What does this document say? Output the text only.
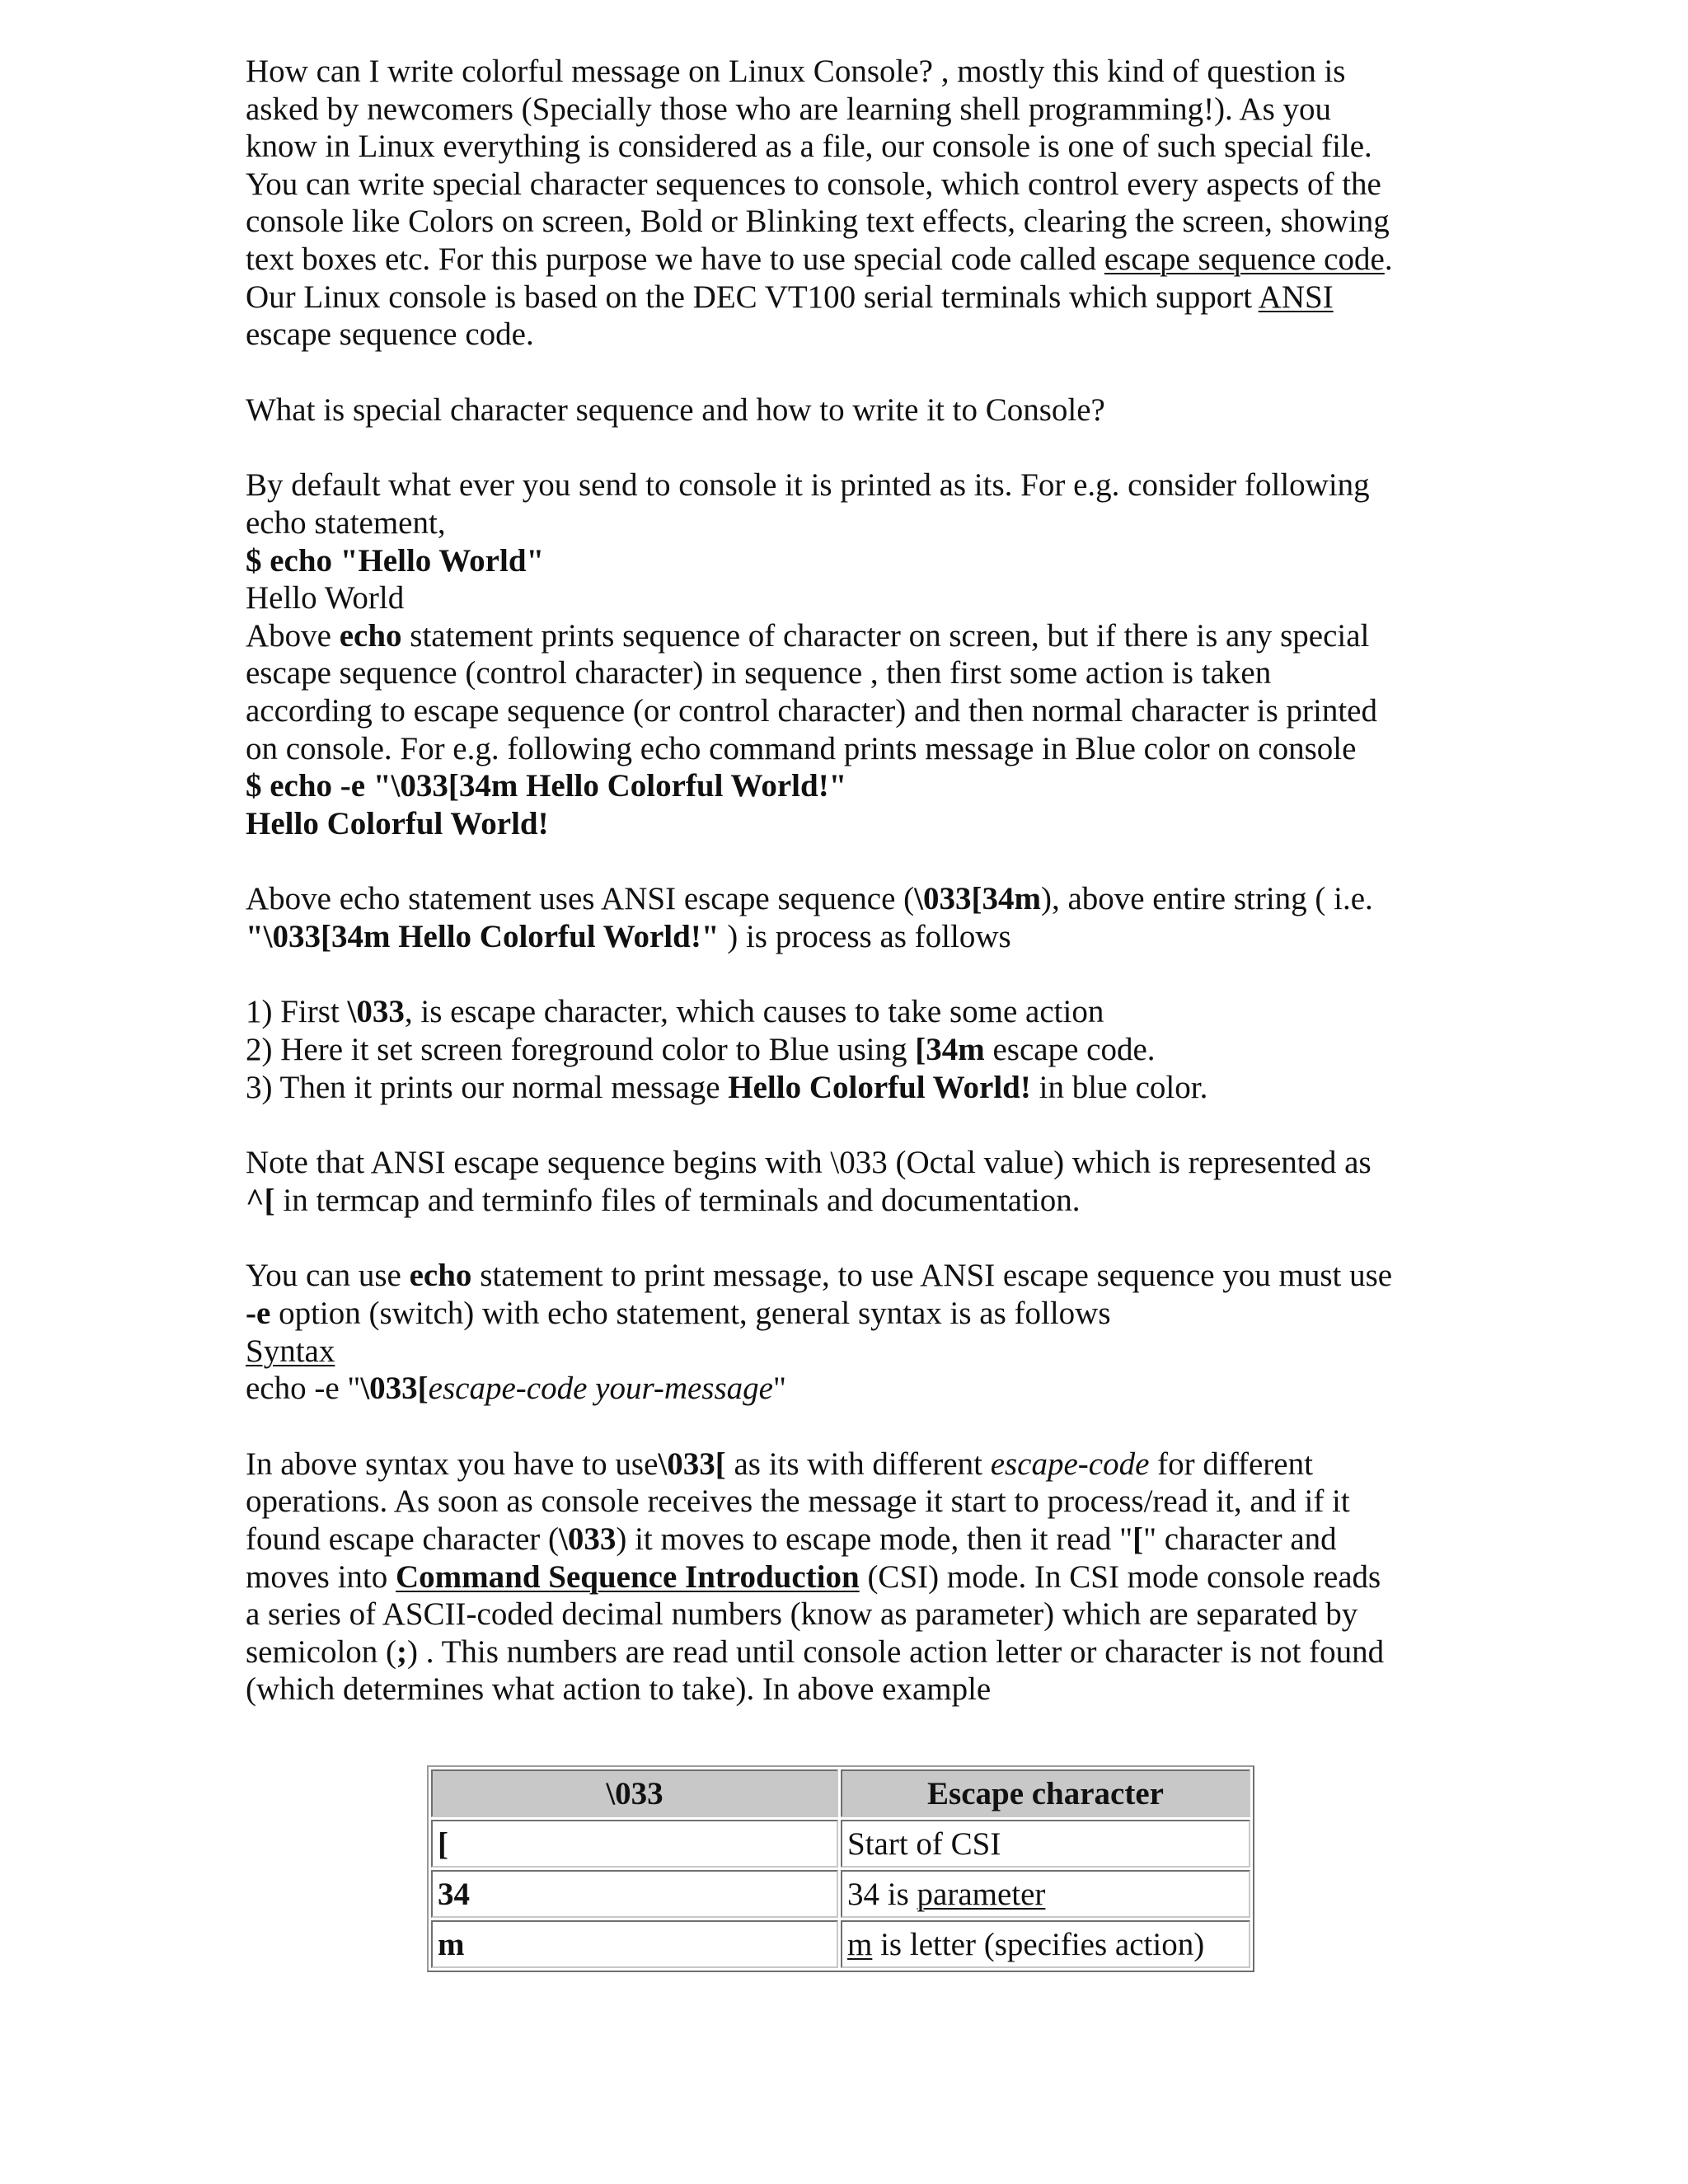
How can I write colorful message on Linux Console? , mostly this kind of question is

asked by newcomers (Specially those who are learning shell programming!). As you

know in Linux everything is considered as a file, our console is one of such special file.

You can write special character sequences to console, which control every aspects of the

console like Colors on screen, Bold or Blinking text effects, clearing the screen, showing

text boxes etc. For this purpose we have to use special code called escape sequence code.

Our Linux console is based on the DEC VT100 serial terminals which support ANSI

escape sequence code.

What is special character sequence and how to write it to Console?

By default what ever you send to console it is printed as its. For e.g. consider following

echo statement,

$ echo "Hello World"

Hello World

Above echo statement prints sequence of character on screen, but if there is any special

escape sequence (control character) in sequence , then first some action is taken

according to escape sequence (or control character) and then normal character is printed

on console. For e.g. following echo command prints message in Blue color on console

$ echo -e "\033[34m Hello Colorful World!"

Hello Colorful World!

Above echo statement uses ANSI escape sequence (\033[34m), above entire string ( i.e.

"\033[34m Hello Colorful World!" ) is process as follows

1) First \033, is escape character, which causes to take some action

2) Here it set screen foreground color to Blue using [34m escape code.

3) Then it prints our normal message Hello Colorful World! in blue color.

Note that ANSI escape sequence begins with \033 (Octal value) which is represented as

^[ in termcap and terminfo files of terminals and documentation.

You can use echo statement to print message, to use ANSI escape sequence you must use

-e option (switch) with echo statement, general syntax is as follows

Syntax

echo -e "\033[escape-code your-message"

In above syntax you have to use\033[ as its with different escape-code for different

operations. As soon as console receives the message it start to process/read it, and if it

found escape character (\033) it moves to escape mode, then it read "[" character and

moves into Command Sequence Introduction (CSI) mode. In CSI mode console reads

a series of ASCII-coded decimal numbers (know as parameter) which are separated by

semicolon (;) . This numbers are read until console action letter or character is not found

(which determines what action to take). In above example

\033	Escape character
[	Start of CSI
34	34 is parameter
m	m is letter (specifies action)
